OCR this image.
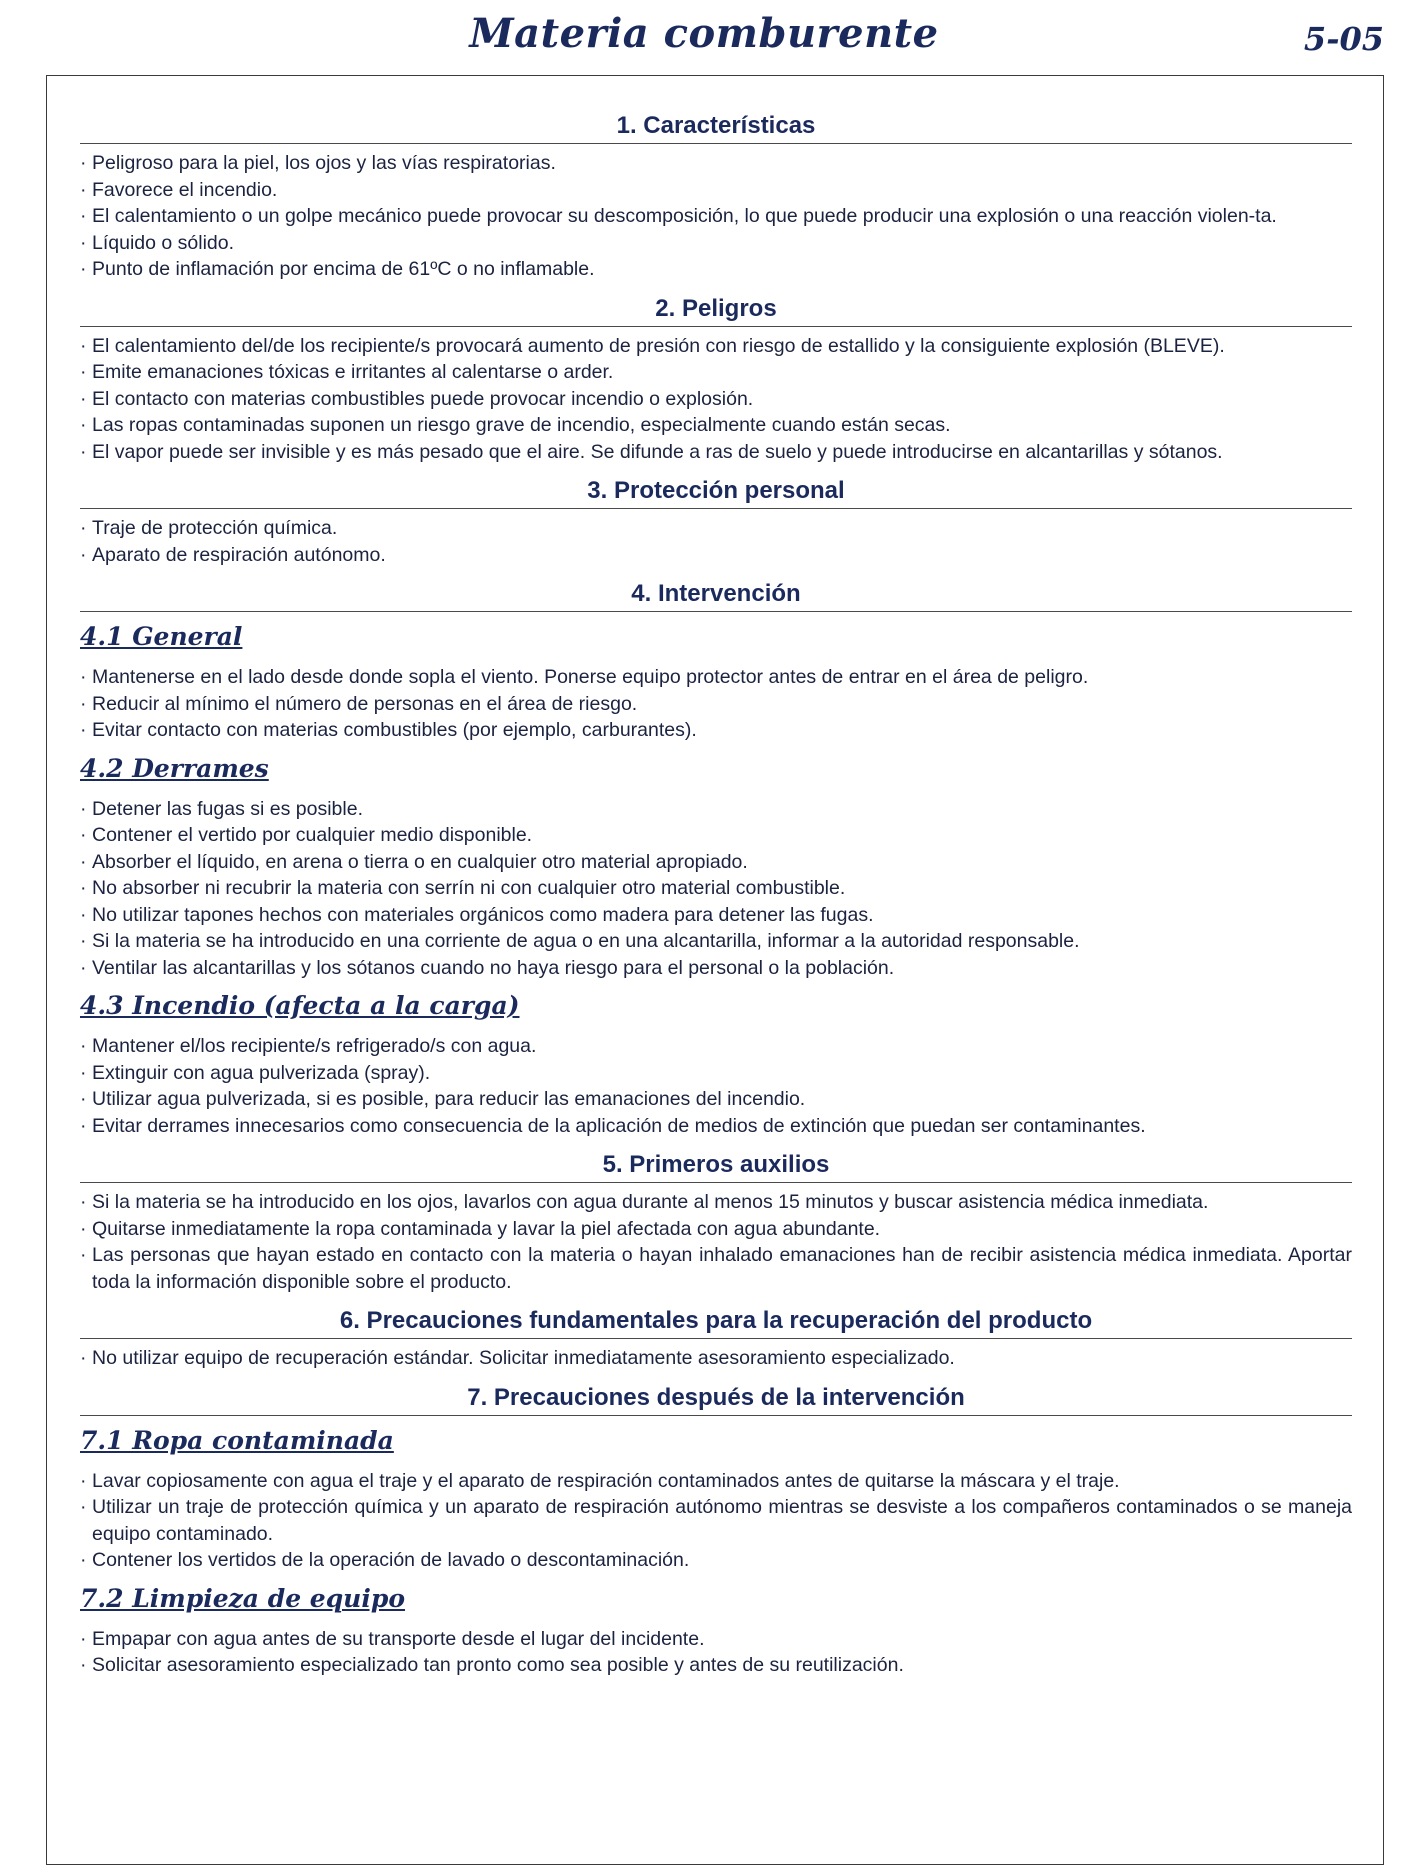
Materia comburente	5-05
1. Características
· Peligroso para la piel, los ojos y las vías respiratorias.
· Favorece el incendio.
· El calentamiento o un golpe mecánico puede provocar su descomposición, lo que puede producir una explosión o una reacción violen-ta.
· Líquido o sólido.
· Punto de inflamación por encima de 61ºC o no inflamable.
2. Peligros
· El calentamiento del/de los recipiente/s provocará aumento de presión con riesgo de estallido y la consiguiente explosión (BLEVE).
· Emite emanaciones tóxicas e irritantes al calentarse o arder.
· El contacto con materias combustibles puede provocar incendio o explosión.
· Las ropas contaminadas suponen un riesgo grave de incendio, especialmente cuando están secas.
· El vapor puede ser invisible y es más pesado que el aire. Se difunde a ras de suelo y puede introducirse en alcantarillas y sótanos.
3. Protección personal
· Traje de protección química.
· Aparato de respiración autónomo.
4. Intervención
4.1 General
· Mantenerse en el lado desde donde sopla el viento. Ponerse equipo protector antes de entrar en el área de peligro.
· Reducir al mínimo el número de personas en el área de riesgo.
· Evitar contacto con materias combustibles (por ejemplo, carburantes).
4.2 Derrames
· Detener las fugas si es posible.
· Contener el vertido por cualquier medio disponible.
· Absorber el líquido, en arena o tierra o en cualquier otro material apropiado.
· No absorber ni recubrir la materia con serrín ni con cualquier otro material combustible.
· No utilizar tapones hechos con materiales orgánicos como madera para detener las fugas.
· Si la materia se ha introducido en una corriente de agua o en una alcantarilla, informar a la autoridad responsable.
· Ventilar las alcantarillas y los sótanos cuando no haya riesgo para el personal o la población.
4.3 Incendio (afecta a la carga)
· Mantener el/los recipiente/s refrigerado/s con agua.
· Extinguir con agua pulverizada (spray).
· Utilizar agua pulverizada, si es posible, para reducir las emanaciones del incendio.
· Evitar derrames innecesarios como consecuencia de la aplicación de medios de extinción que puedan ser contaminantes.
5. Primeros auxilios
· Si la materia se ha introducido en los ojos, lavarlos con agua durante al menos 15 minutos y buscar asistencia médica inmediata.
· Quitarse inmediatamente la ropa contaminada y lavar la piel afectada con agua abundante.
· Las personas que hayan estado en contacto con la materia o hayan inhalado emanaciones han de recibir asistencia médica inmediata. Aportar toda la información disponible sobre el producto.
6. Precauciones fundamentales para la recuperación del producto
· No utilizar equipo de recuperación estándar. Solicitar inmediatamente asesoramiento especializado.
7. Precauciones después de la intervención
7.1 Ropa contaminada
· Lavar copiosamente con agua el traje y el aparato de respiración contaminados antes de quitarse la máscara y el traje.
· Utilizar un traje de protección química y un aparato de respiración autónomo mientras se desviste a los compañeros contaminados o se maneja equipo contaminado.
· Contener los vertidos de la operación de lavado o descontaminación.
7.2 Limpieza de equipo
· Empapar con agua antes de su transporte desde el lugar del incidente.
· Solicitar asesoramiento especializado tan pronto como sea posible y antes de su reutilización.
